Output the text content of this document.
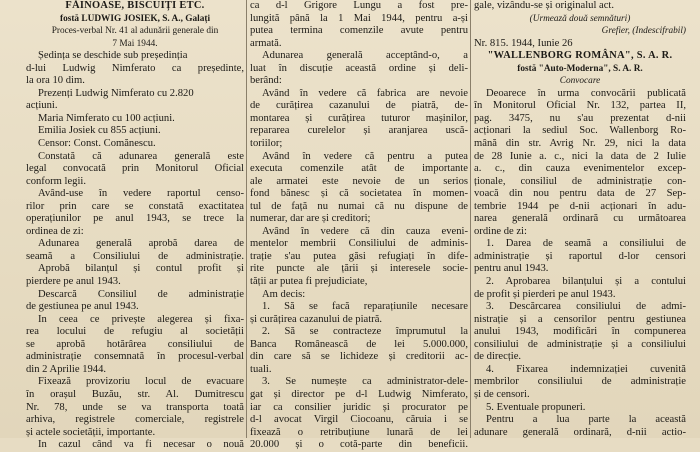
FĂINOASE, BISCUIȚI ETC.
fostă LUDWIG JOSIEK, S. A., Galați
Proces-verbal Nr. 41 al adunării generale din
7 Mai 1944.
Ședința se deschide sub președinția
d-lui Ludwig Nimferato ca președinte,
la ora 10 dim.
Prezenți Ludwig Nimferato cu 2.820
acțiuni.
Maria Nimferato cu 100 acțiuni.
Emilia Josiek cu 855 acțiuni.
Censor: Const. Comănescu.
Constată că adunarea generală este
legal convocată prin Monitorul Oficial
conform legii.
Având-use în vedere raportul censo-
rilor prin care se constată exactitatea
operațiunilor pe anul 1943, se trece la
ordinea de zi:
Adunarea generală aprobă darea de
seamă a Consiliului de administrație.
Aprobă bilanțul și contul profit și
pierdere pe anul 1943.
Descarcă Consiliul de administrație
de gestiunea pe anul 1943.
In ceea ce privește alegerea și fixa-
rea locului de refugiu al societății
se aprobă hotărârea consiliului de
administrație consemnată în procesul-verbal
din 2 Aprilie 1944.
Fixează provizoriu locul de evacuare
în orașul Buzău, str. Al. Dumitrescu
Nr. 78, unde se va transporta toată
arhiva, registrele comerciale, registrele
și actele societății, importante.
In cazul când va fi necesar o nouă
ca d-l Grigore Lungu a fost pre-
lungită până la 1 Mai 1944, pentru a-și
putea termina comenzile avute pentru
armată.
Adunarea generală acceptând-o, a
luat în discuție această ordine și deli-
berând:
Având în vedere că fabrica are nevoie
de curățirea cazanului de piatră, de-
montarea și curățirea tuturor mașinilor,
repararea curelelor și aranjarea uscă-
toriilor;
Având în vedere că pentru a putea
executa comenzile atât de importante
ale armatei este nevoie de un serios
fond bănesc și că societatea în momen-
tul de față nu numai că nu dispune de
numerar, dar are și creditori;
Având în vedere că din cauza eveni-
mentelor membrii Consiliului de adminis-
trație s'au putea găsi refugiați în dife-
rite puncte ale țării și interesele socie-
tății ar putea fi prejudiciate,
Am decis:
1. Să se facă reparațiunile necesare
și curățirea cazanului de piatră.
2. Să se contracteze împrumutul la
Banca Românească de lei 5.000.000,
din care să se lichideze și creditorii ac-
tuali.
3. Se numește ca administrator-dele-
gat și director pe d-l Ludwig Nimferato,
iar ca consilier juridic și procurator pe
d-l avocat Virgil Ciocoanu, căruia i se
fixează o retribuțiune lunară de lei
20.000 și o cotă-parte din beneficii.
gale, vizându-se și originalul act.
(Urmează două semnături)
Grefier, (Indescifrabil)
Nr. 815. 1944, Iunie 26
"WALLENBORG ROMÂNA", S. A. R.
fostă "Auto-Moderna", S. A. R.
Convocare
Deoarece în urma convocării publicată
în Monitorul Oficial Nr. 132, partea II,
pag. 3475, nu s'au prezentat d-nii
acționari la sediul Soc. Wallenborg Ro-
mână din str. Avrig Nr. 29, nici la data
de 28 Iunie a. c., nici la data de 2 Iulie
a. c., din cauza evenimentelor excep-
ționale, consiliul de administrație con-
voacă din nou pentru data de 27 Sep-
tembrie 1944 pe d-nii acționari în adu-
narea generală ordinară cu următoarea
ordine de zi:
1. Darea de seamă a consiliului de
administrație și raportul d-lor censori
pentru anul 1943.
2. Aprobarea bilanțului și a contului
de profit și pierderi pe anul 1943.
3. Descărcarea consiliului de admi-
nistrație și a censorilor pentru gestiunea
anului 1943, modificări în compunerea
consiliului de administrație și a consiliului
de direcție.
4. Fixarea indemnizației cuvenită
membrilor consiliului de administrație
și de censori.
5. Eventuale propuneri.
Pentru a lua parte la această
adunare generală ordinară, d-nii actio-
